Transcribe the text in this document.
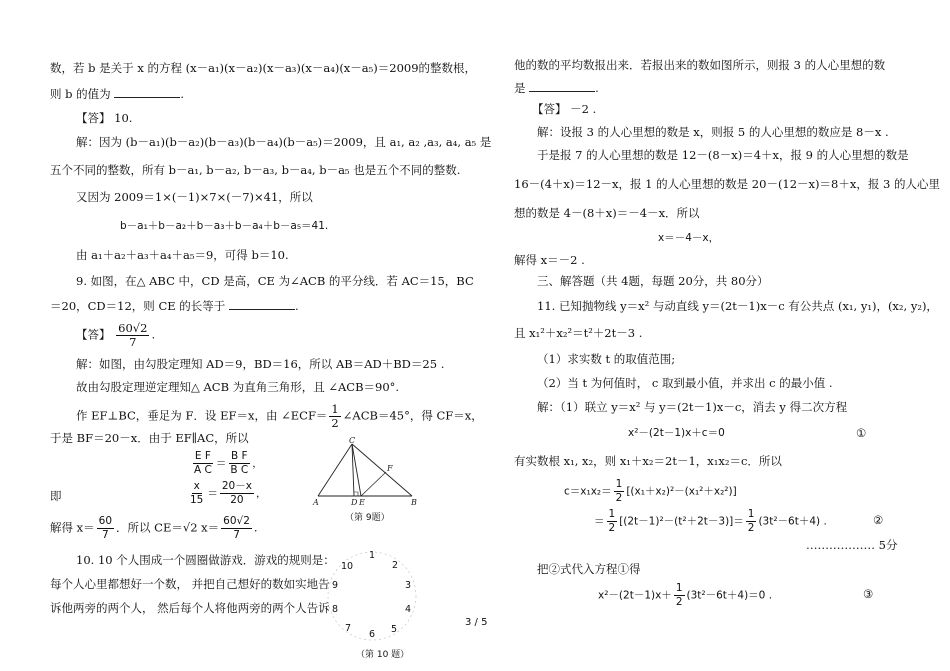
数，若 b 是关于 x 的方程 (x－a₁)(x－a₂)(x－a₃)(x－a₄)(x－a₅)＝2009的整数根，
则 b 的值为	.
【答】 10.
解：因为 (b－a₁)(b－a₂)(b－a₃)(b－a₄)(b－a₅)＝2009，且 a₁, a₂ ,a₃, a₄, a₅ 是
五个不同的整数，所有 b－a₁, b－a₂, b－a₃, b－a₄, b－a₅ 也是五个不同的整数.
又因为 2009＝1×(－1)×7×(－7)×41，所以
b－a₁＋b－a₂＋b－a₃＋b－a₄＋b－a₅＝41.
由 a₁＋a₂＋a₃＋a₄＋a₅＝9，可得 b＝10.
9. 如图，在△ ABC 中，CD 是高，CE 为∠ACB 的平分线．若 AC＝15，BC
＝20，CD＝12，则 CE 的长等于	.
【答】 $\frac{60√2}{7}$ .
解：如图，由勾股定理知 AD＝9，BD＝16，所以 AB＝AD＋BD＝25 .
故由勾股定理逆定理知△ ACB 为直角三角形，且 ∠ACB＝90°.
作 EF⊥BC，垂足为 F．设 EF＝x，由 ∠ECF＝ $\frac{1}{2}$ ∠ACB＝45°，得 CF＝x，
于是 BF＝20－x．由于 EF∥AC，所以
$\frac{\text{E F}}{\text{A C}} = \frac{\text{B F}}{\text{B C}}$ ，
即	$\frac{x}{15} = \frac{20-x}{20}$ ，
解得 $x= \frac{60}{7}$ ．所以 CE＝√2 $x= \frac{60√2}{7}$ .
10. 10 个人围成一个圆圈做游戏．游戏的规则是：
每个人心里都想好一个数， 并把自己想好的数如实地告
诉他两旁的两个人， 然后每个人将他两旁的两个人告诉
C
F
A	D E	B
（第 9题）
1
2
3
4
5
6
7
8
9
10
（第 10 题）
他的数的平均数报出来．若报出来的数如图所示，则报 3 的人心里想的数
是	.
【答】 －2 .
解：设报 3 的人心里想的数是 x，则报 5 的人心里想的数应是 8－x .
于是报 7 的人心里想的数是 12－(8－x)＝4＋x，报 9 的人心里想的数是
16－(4＋x)＝12－x，报 1 的人心里想的数是 20－(12－x)＝8＋x，报 3 的人心里
想的数是 4－(8＋x)＝－4－x．所以
x＝－4－x，
解得 x＝－2 .
三、解答题（共 4题，每题 20分，共 80分）
11. 已知抛物线 y＝x² 与动直线 y＝(2t－1)x－c 有公共点 (x₁, y₁)，(x₂, y₂)，
且 x₁²＋x₂²＝t²＋2t－3 .
（1）求实数 t 的取值范围;
（2）当 t 为何值时， c 取到最小值，并求出 c 的最小值 .
解：（1）联立 y＝x² 与 y＝(2t－1)x－c，消去 y 得二次方程
x²－(2t－1)x＋c＝0	①
有实数根 x₁, x₂，则 x₁＋x₂＝2t－1，x₁x₂＝c．所以
$c=x_1x_2= \frac{1}{2} [(x_1+x_2)^2-(x_1^2+x_2^2)]$
＝ $\frac{1}{2} [(2t-1)^2-(t^2+2t-3)]= \frac{1}{2} (3t^2-6t+4)$ .	②
……………… 5分
把②式代入方程①得
$x^2-(2t-1)x+ \frac{1}{2} (3t^2-6t+4)=0$ .	③
3 / 5
